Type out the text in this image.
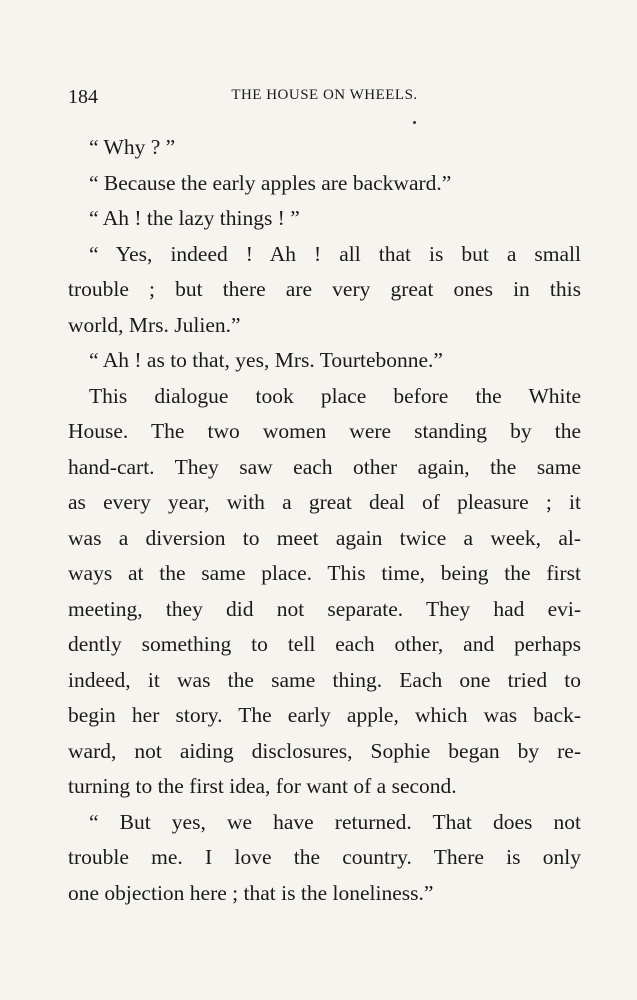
184	THE HOUSE ON WHEELS.
“ Why ? ”
“ Because the early apples are backward.”
“ Ah ! the lazy things ! ”
“ Yes, indeed ! Ah ! all that is but a small
trouble ; but there are very great ones in this
world, Mrs. Julien.”
“ Ah ! as to that, yes, Mrs. Tourtebonne.”
This dialogue took place before the White
House. The two women were standing by the
hand-cart. They saw each other again, the same
as every year, with a great deal of pleasure ; it
was a diversion to meet again twice a week, al-
ways at the same place. This time, being the first
meeting, they did not separate. They had evi-
dently something to tell each other, and perhaps
indeed, it was the same thing. Each one tried to
begin her story. The early apple, which was back-
ward, not aiding disclosures, Sophie began by re-
turning to the first idea, for want of a second.
“ But yes, we have returned. That does not
trouble me. I love the country. There is only
one objection here ; that is the loneliness.”
